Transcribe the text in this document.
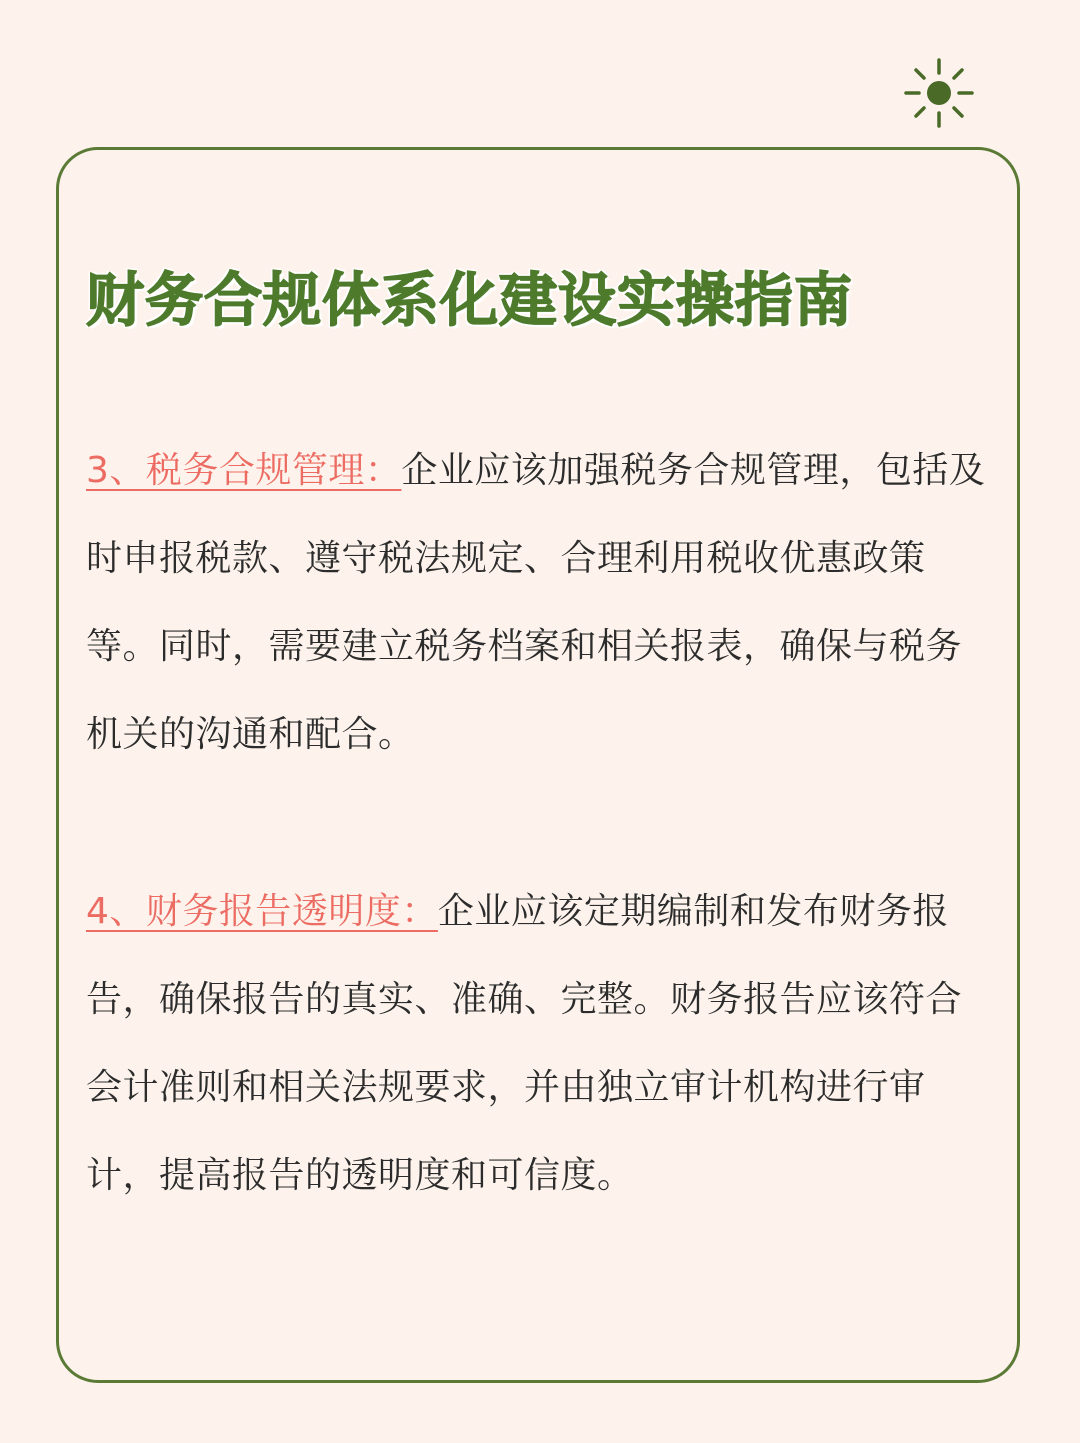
财务合规体系化建设实操指南

3、税务合规管理：企业应该加强税务合规管理，包括及时申报税款、遵守税法规定、合理利用税收优惠政策等。同时，需要建立税务档案和相关报表，确保与税务机关的沟通和配合。

4、财务报告透明度：企业应该定期编制和发布财务报告，确保报告的真实、准确、完整。财务报告应该符合会计准则和相关法规要求，并由独立审计机构进行审计，提高报告的透明度和可信度。
